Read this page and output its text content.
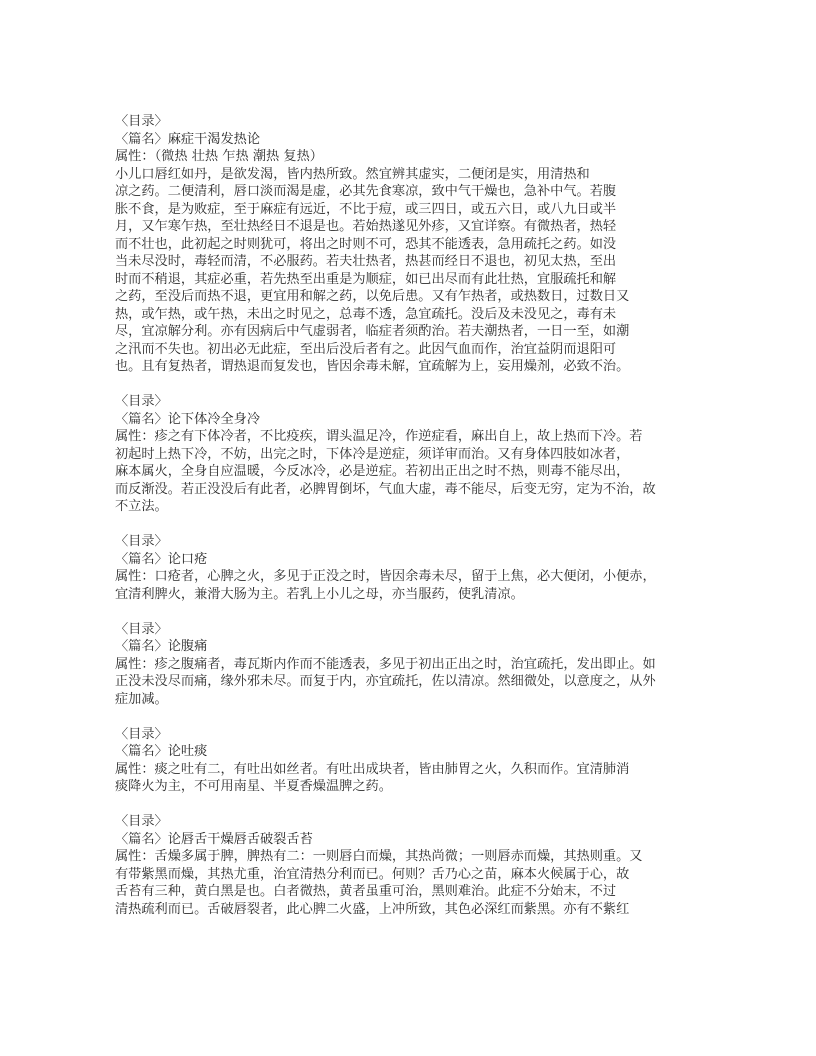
〈目录〉
〈篇名〉麻症干渴发热论
属性：（微热 壮热 乍热 潮热 复热）
小儿口唇红如丹，是欲发渴，皆内热所致。然宜辨其虚实，二便闭是实，用清热和
凉之药。二便清利，唇口淡而渴是虚，必其先食寒凉，致中气干燥也，急补中气。若腹
胀不食，是为败症，至于麻症有远近，不比于痘，或三四日，或五六日，或八九日或半
月，又乍寒乍热，至壮热经日不退是也。若始热遂见外疹，又宜详察。有微热者，热轻
而不壮也，此初起之时则犹可，将出之时则不可，恐其不能透表，急用疏托之药。如没
当未尽没时，毒轻而清，不必服药。若夫壮热者，热甚而经日不退也，初见太热，至出
时而不稍退，其症必重，若先热至出重是为顺症，如已出尽而有此壮热，宜服疏托和解
之药，至没后而热不退，更宜用和解之药，以免后患。又有乍热者，或热数日，过数日又
热，或乍热，或午热，未出之时见之，总毒不透，急宜疏托。没后及未没见之，毒有未
尽，宜凉解分利。亦有因病后中气虚弱者，临症者须酌治。若夫潮热者，一日一至，如潮
之汛而不失也。初出必无此症，至出后没后者有之。此因气血而作，治宜益阴而退阳可
也。且有复热者，谓热退而复发也，皆因余毒未解，宜疏解为上，妄用燥剂，必致不治。
〈目录〉
〈篇名〉论下体冷全身冷
属性：疹之有下体冷者，不比疫疾，谓头温足冷，作逆症看，麻出自上，故上热而下冷。若
初起时上热下冷，不妨，出完之时，下体冷是逆症，须详审而治。又有身体四肢如冰者，
麻本属火，全身自应温暖，今反冰冷，必是逆症。若初出正出之时不热，则毒不能尽出，
而反渐没。若正没没后有此者，必脾胃倒坏，气血大虚，毒不能尽，后变无穷，定为不治，故
不立法。
〈目录〉
〈篇名〉论口疮
属性：口疮者，心脾之火，多见于正没之时，皆因余毒未尽，留于上焦，必大便闭，小便赤，
宜清利脾火，兼滑大肠为主。若乳上小儿之母，亦当服药，使乳清凉。
〈目录〉
〈篇名〉论腹痛
属性：疹之腹痛者，毒瓦斯内作而不能透表，多见于初出正出之时，治宜疏托，发出即止。如
正没未没尽而痛，缘外邪未尽。而复于内，亦宜疏托，佐以清凉。然细微处，以意度之，从外
症加减。
〈目录〉
〈篇名〉论吐痰
属性：痰之吐有二，有吐出如丝者。有吐出成块者，皆由肺胃之火，久积而作。宜清肺消
痰降火为主，不可用南星、半夏香燥温脾之药。
〈目录〉
〈篇名〉论唇舌干燥唇舌破裂舌苔
属性：舌燥多属于脾，脾热有二：一则唇白而燥，其热尚微；一则唇赤而燥，其热则重。又
有带紫黑而燥，其热尤重，治宜清热分利而已。何则？舌乃心之苗，麻本火候属于心，故
舌苔有三种，黄白黑是也。白者微热，黄者虽重可治，黑则难治。此症不分始末，不过
清热疏利而已。舌破唇裂者，此心脾二火盛，上冲所致，其色必深红而紫黑。亦有不紫红
